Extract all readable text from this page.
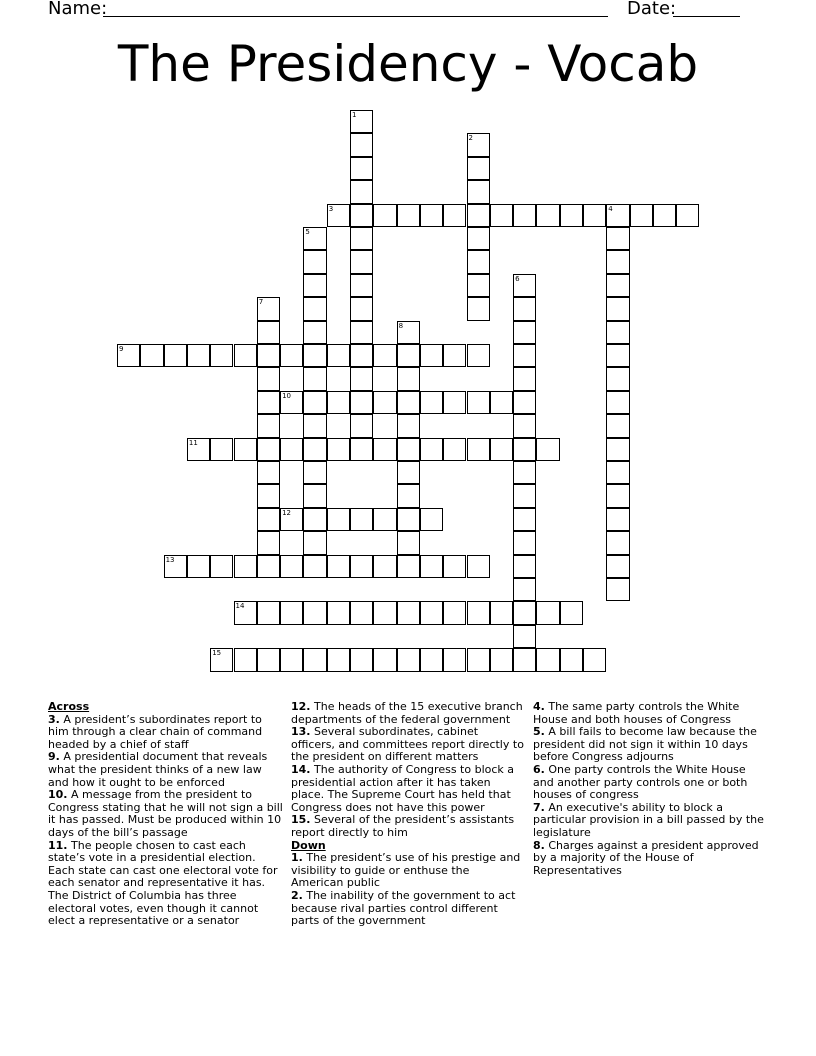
Name:	Date:
The Presidency - Vocab
1
2
3	4
5
6
7
8
9
10
11
12
13
14
15

Across

3. A president’s subordinates report to him through a clear chain of command headed by a chief of staff

9. A presidential document that reveals what the president thinks of a new law and how it ought to be enforced

10. A message from the president to Congress stating that he will not sign a bill it has passed. Must be produced within 10 days of the bill’s passage

11. The people chosen to cast each state’s vote in a presidential election. Each state can cast one electoral vote for each senator and representative it has. The District of Columbia has three electoral votes, even though it cannot elect a representative or a senator

12. The heads of the 15 executive branch departments of the federal government

13. Several subordinates, cabinet officers, and committees report directly to the president on different matters

14. The authority of Congress to block a presidential action after it has taken place. The Supreme Court has held that Congress does not have this power

15. Several of the president’s assistants report directly to him

Down

1. The president’s use of his prestige and visibility to guide or enthuse the American public

2. The inability of the government to act because rival parties control different parts of the government

4. The same party controls the White House and both houses of Congress

5. A bill fails to become law because the president did not sign it within 10 days before Congress adjourns

6. One party controls the White House and another party controls one or both houses of congress

7. An executive's ability to block a particular provision in a bill passed by the legislature

8. Charges against a president approved by a majority of the House of Representatives
